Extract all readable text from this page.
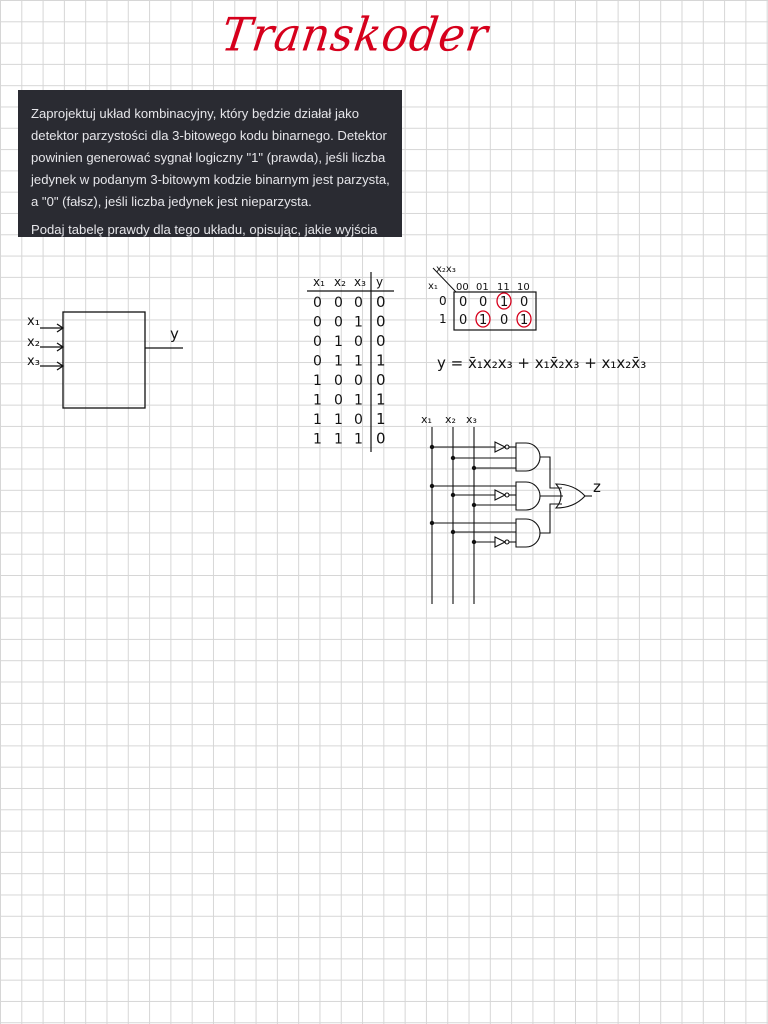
Transkoder

Zaprojektuj układ kombinacyjny, który będzie działał jako detektor parzystości dla 3-bitowego kodu binarnego. Detektor powinien generować sygnał logiczny "1" (prawda), jeśli liczba jedynek w podanym 3-bitowym kodzie binarnym jest parzysta, a "0" (fałsz), jeśli liczba jedynek jest nieparzysta.

Podaj tabelę prawdy dla tego układu, opisując, jakie wyjścia

x₁
x₂
x₃
y
x₁ x₂ x₃ y
0 0 0 0
0 0 1 0
0 1 0 0
0 1 1 1
1 0 0 0
1 0 1 1
1 1 0 1
1 1 1 0
x₂x₃
x₁ 00 01 11 10
0
1
0 0 1 0
0 1 0 1
y = x̄₁x₂x₃ + x₁x̄₂x₃ + x₁x₂x̄₃
x₁ x₂ x₃
z
